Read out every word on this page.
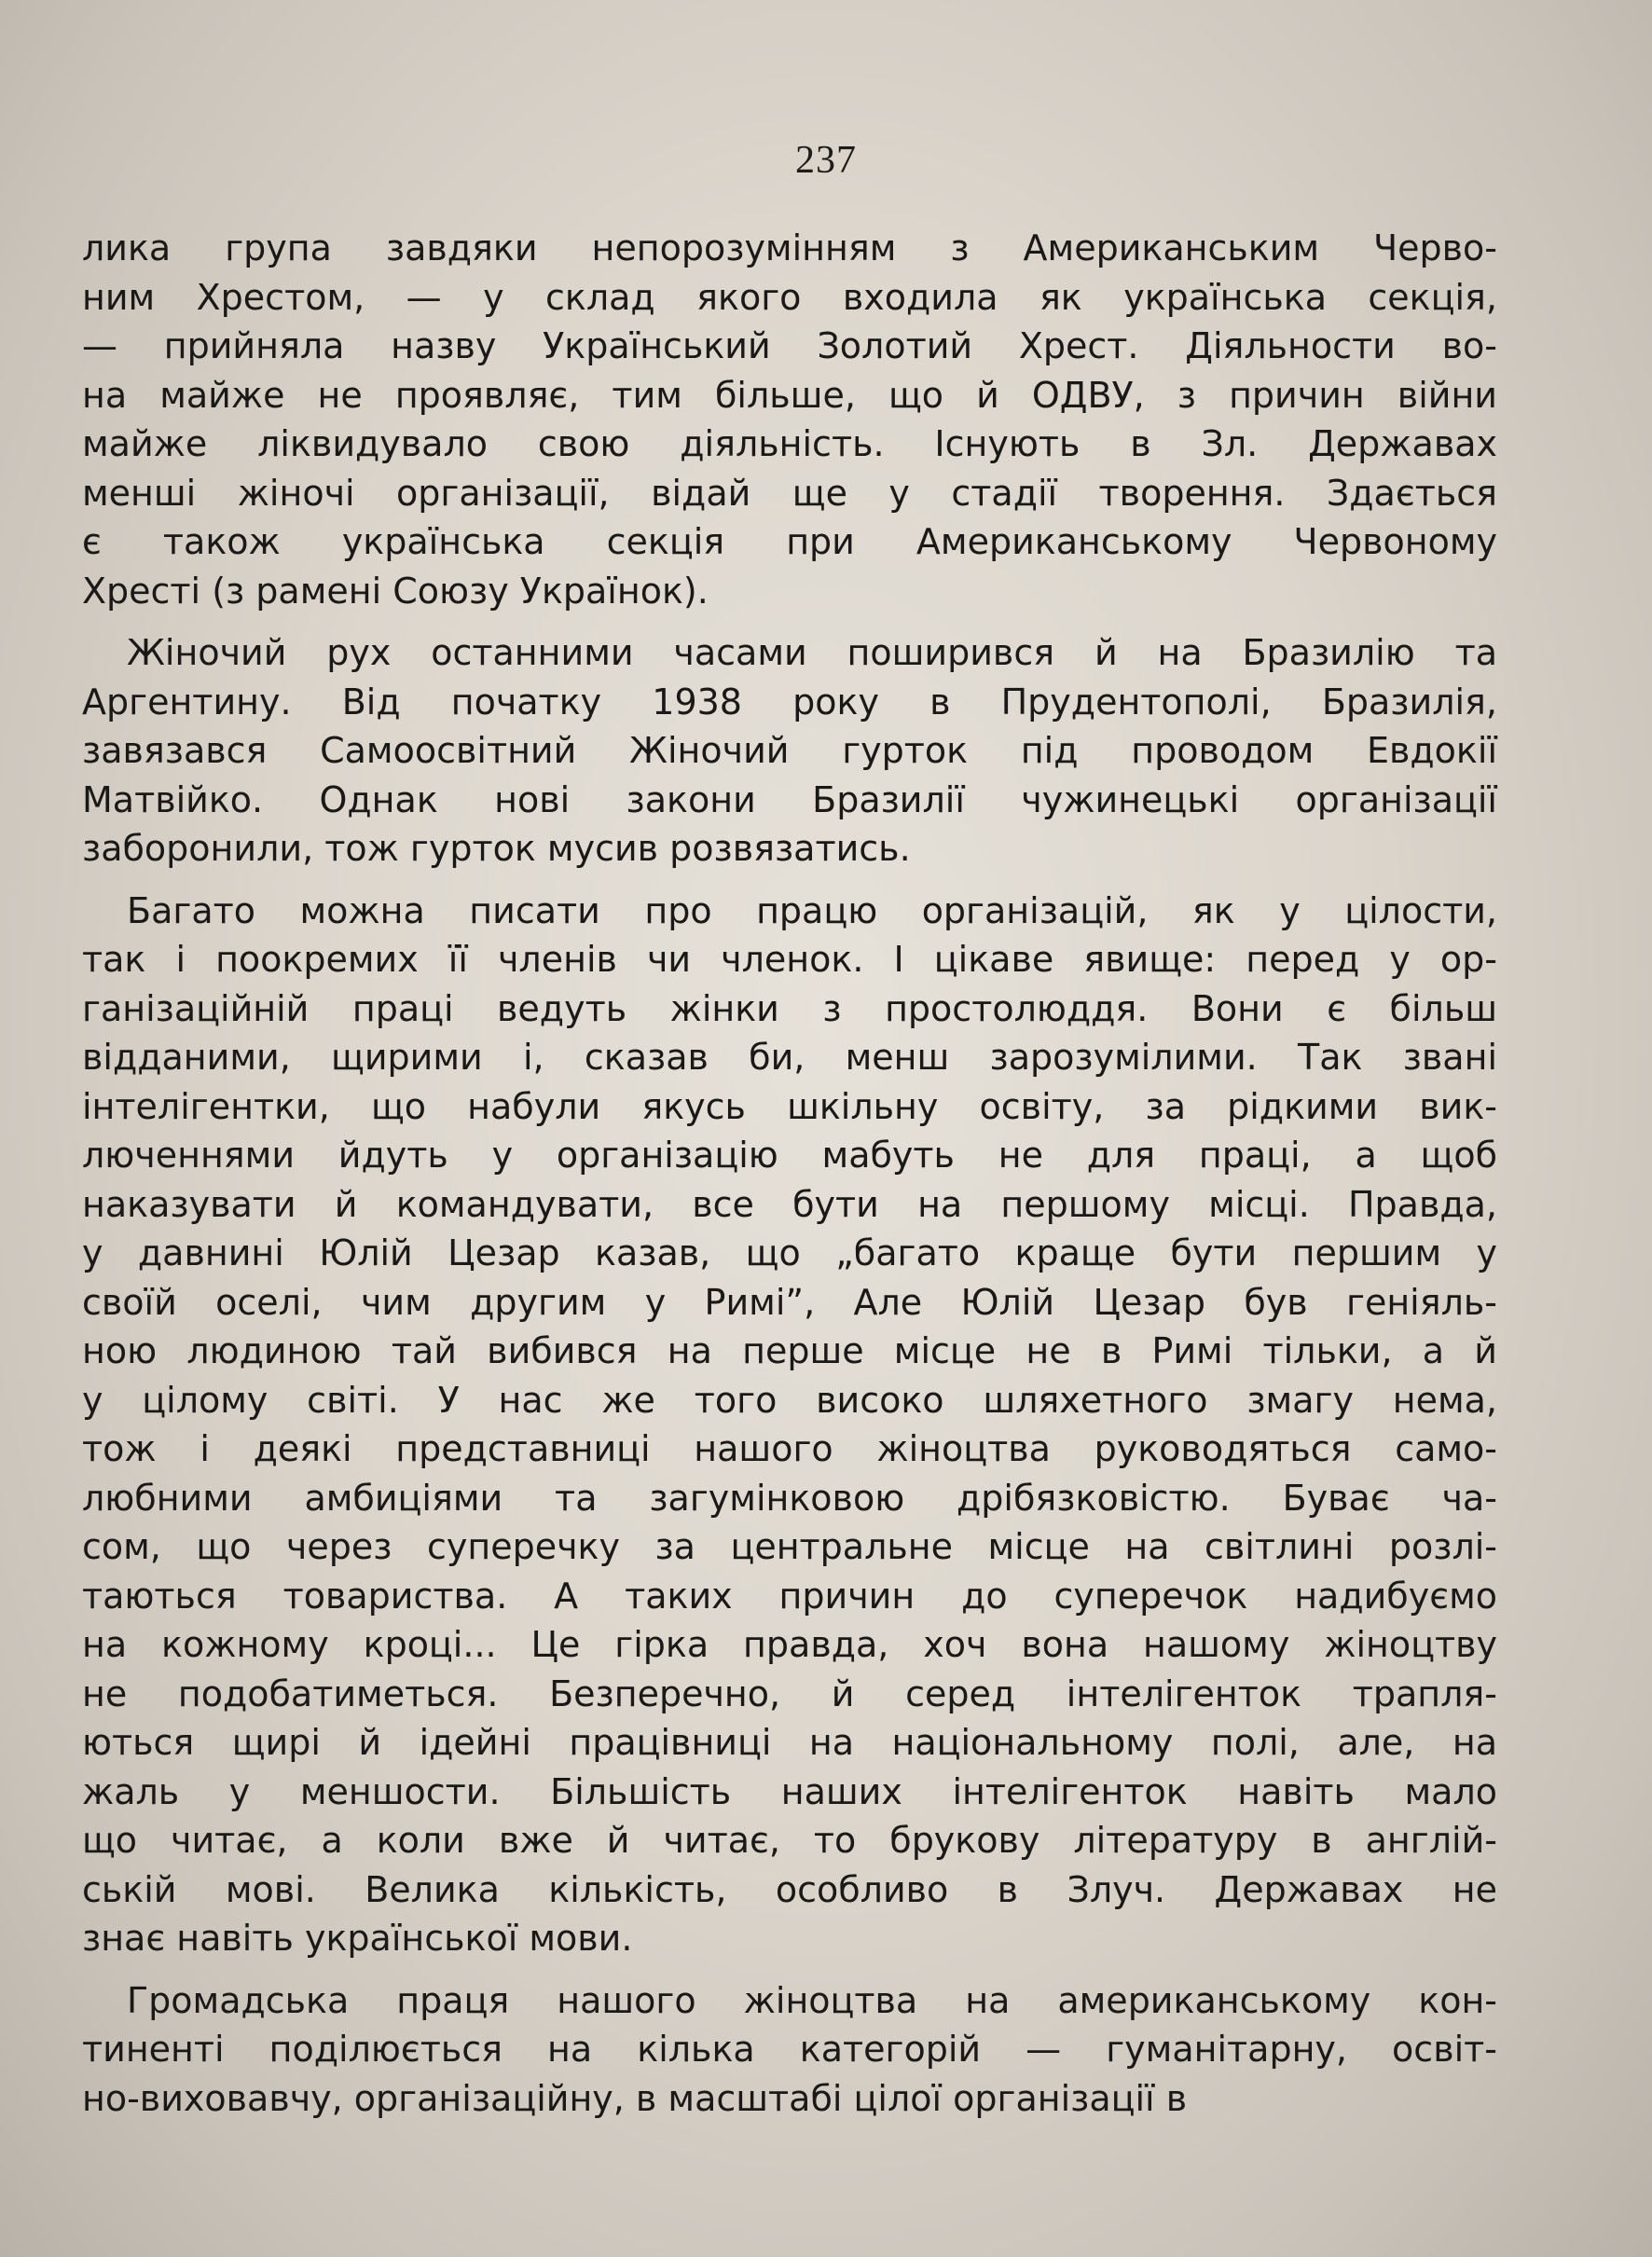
237
лика група завдяки непорозумінням з Американським Черво-
ним Хрестом, — у склад якого входила як українська секція,
— прийняла назву Український Золотий Хрест. Діяльности во-
на майже не проявляє, тим більше, що й ОДВУ, з причин війни
майже ліквидувало свою діяльність. Існують в Зл. Державах
менші жіночі організації, відай ще у стадії творення. Здається
є також українська секція при Американському Червоному
Хресті (з рамені Союзу Українок).
Жіночий рух останними часами поширився й на Бразилію та
Аргентину. Від початку 1938 року в Прудентополі, Бразилія,
завязався Самоосвітний Жіночий гурток під проводом Евдокії
Матвійко. Однак нові закони Бразилії чужинецькі організації
заборонили, тож гурток мусив розвязатись.
Багато можна писати про працю організацій, як у цілости,
так і поокремих її членів чи членок. І цікаве явище: перед у ор-
ганізаційній праці ведуть жінки з простолюддя. Вони є більш
відданими, щирими і, сказав би, менш зарозумілими. Так звані
інтелігентки, що набули якусь шкільну освіту, за рідкими вик-
люченнями йдуть у організацію мабуть не для праці, а щоб
наказувати й командувати, все бути на першому місці. Правда,
у давнині Юлій Цезар казав, що „багато краще бути першим у
своїй оселі, чим другим у Римі”, Але Юлій Цезар був геніяль-
ною людиною тай вибився на перше місце не в Римі тільки, а й
у цілому світі. У нас же того високо шляхетного змагу нема,
тож і деякі представниці нашого жіноцтва руководяться само-
любними амбиціями та загумінковою дрібязковістю. Буває ча-
сом, що через суперечку за центральне місце на світлині розлі-
таються товариства. А таких причин до суперечок надибуємо
на кожному кроці... Це гірка правда, хоч вона нашому жіноцтву
не подобатиметься. Безперечно, й серед інтелігенток трапля-
ються щирі й ідейні працівниці на національному полі, але, на
жаль у меншости. Більшість наших інтелігенток навіть мало
що читає, а коли вже й читає, то брукову літературу в англій-
ській мові. Велика кількість, особливо в Злуч. Державах не
знає навіть української мови.
Громадська праця нашого жіноцтва на американському кон-
тиненті поділюється на кілька категорій — гуманітарну, освіт-
но-виховавчу, організаційну, в масштабі цілої організації в
